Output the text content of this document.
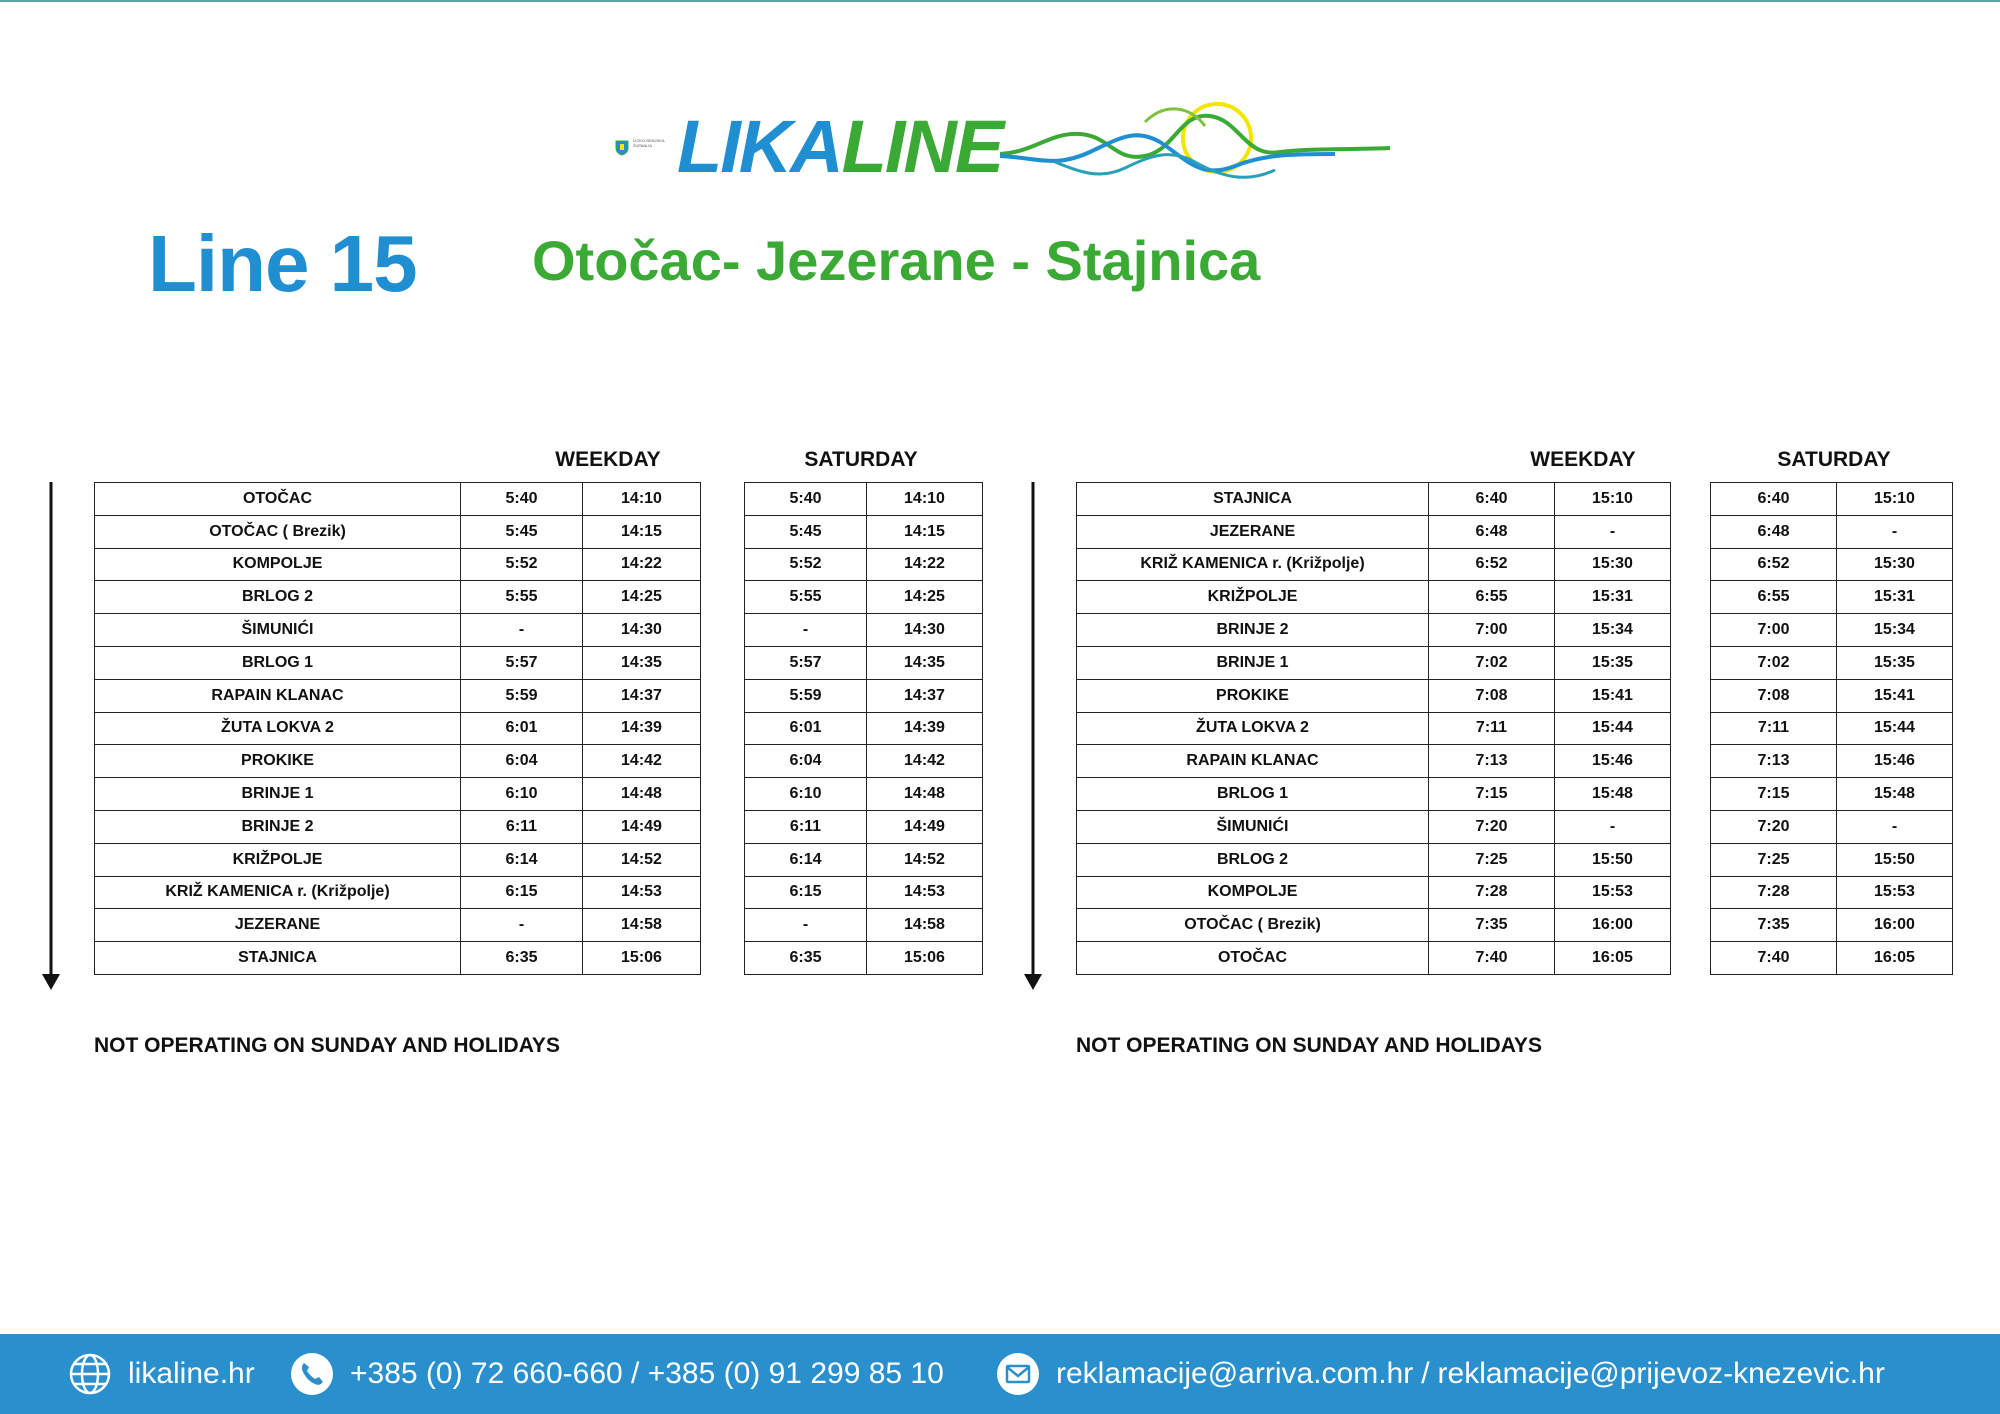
LIČKO-SENJSKA ŽUPANIJA LIKALINE
Line 15 Otočac- Jezerane - Stajnica
WEEKDAY	SATURDAY
OTOČAC	5:40	14:10
OTOČAC ( Brezik)	5:45	14:15
KOMPOLJE	5:52	14:22
BRLOG 2	5:55	14:25
ŠIMUNIĆI	-	14:30
BRLOG 1	5:57	14:35
RAPAIN KLANAC	5:59	14:37
ŽUTA LOKVA 2	6:01	14:39
PROKIKE	6:04	14:42
BRINJE 1	6:10	14:48
BRINJE 2	6:11	14:49
KRIŽPOLJE	6:14	14:52
KRIŽ KAMENICA r. (Križpolje)	6:15	14:53
JEZERANE	-	14:58
STAJNICA	6:35	15:06
5:40	14:10
5:45	14:15
5:52	14:22
5:55	14:25
-	14:30
5:57	14:35
5:59	14:37
6:01	14:39
6:04	14:42
6:10	14:48
6:11	14:49
6:14	14:52
6:15	14:53
-	14:58
6:35	15:06
NOT OPERATING ON SUNDAY AND HOLIDAYS
WEEKDAY	SATURDAY
STAJNICA	6:40	15:10
JEZERANE	6:48	-
KRIŽ KAMENICA r. (Križpolje)	6:52	15:30
KRIŽPOLJE	6:55	15:31
BRINJE 2	7:00	15:34
BRINJE 1	7:02	15:35
PROKIKE	7:08	15:41
ŽUTA LOKVA 2	7:11	15:44
RAPAIN KLANAC	7:13	15:46
BRLOG 1	7:15	15:48
ŠIMUNIĆI	7:20	-
BRLOG 2	7:25	15:50
KOMPOLJE	7:28	15:53
OTOČAC ( Brezik)	7:35	16:00
OTOČAC	7:40	16:05
6:40	15:10
6:48	-
6:52	15:30
6:55	15:31
7:00	15:34
7:02	15:35
7:08	15:41
7:11	15:44
7:13	15:46
7:15	15:48
7:20	-
7:25	15:50
7:28	15:53
7:35	16:00
7:40	16:05
NOT OPERATING ON SUNDAY AND HOLIDAYS
likaline.hr	+385 (0) 72 660-660 / +385 (0) 91 299 85 10	reklamacije@arriva.com.hr / reklamacije@prijevoz-knezevic.hr
